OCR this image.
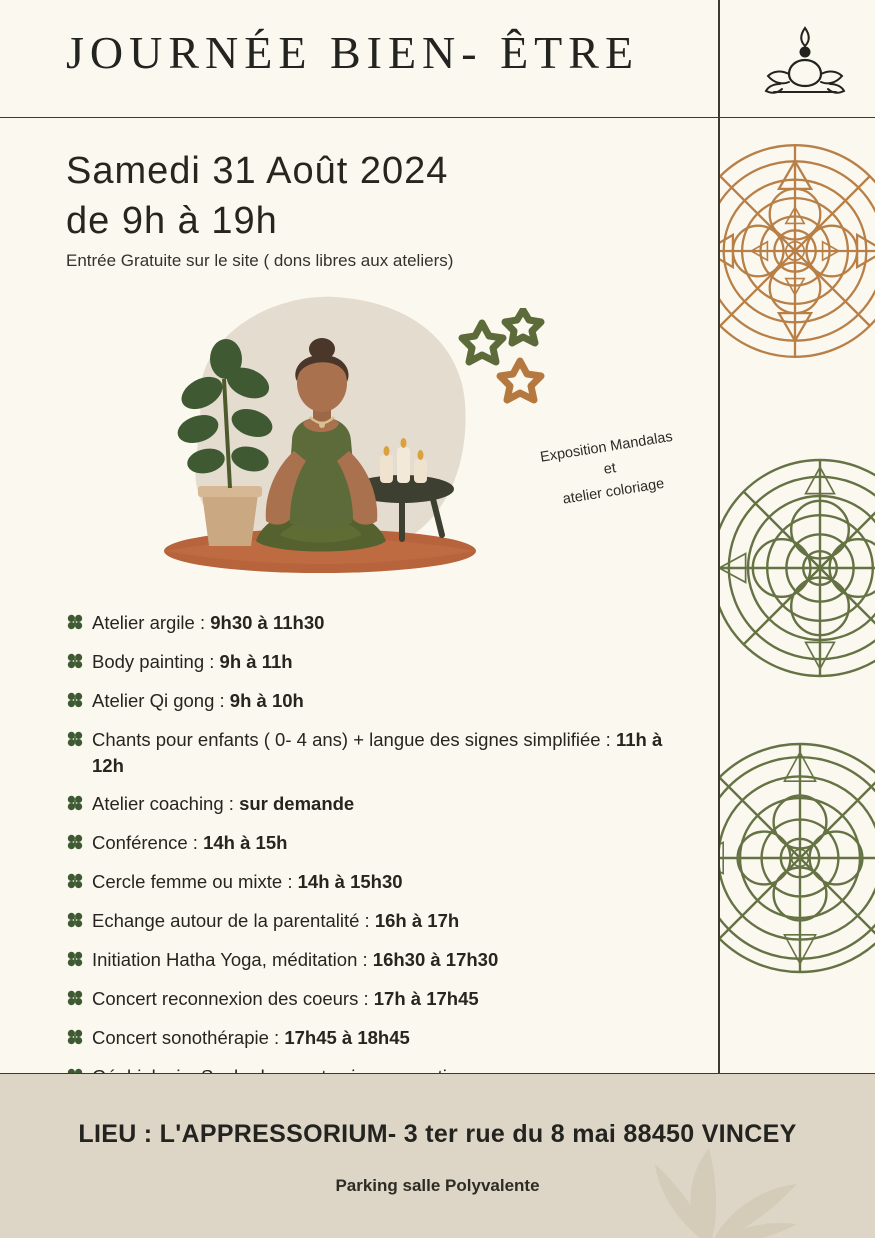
JOURNÉE BIEN- ÊTRE
Samedi 31 Août 2024
de 9h à 19h
Entrée Gratuite sur le site ( dons libres aux ateliers)
Exposition Mandalas
et
atelier coloriage
Atelier argile : 9h30 à 11h30
Body painting : 9h à 11h
Atelier Qi gong : 9h à 10h
Chants pour enfants ( 0- 4 ans) + langue des signes simplifiée : 11h à 12h
Atelier coaching : sur demande
Conférence : 14h à 15h
Cercle femme ou mixte : 14h à 15h30
Echange autour de la parentalité : 16h à 17h
Initiation Hatha Yoga, méditation : 16h30 à 17h30
Concert reconnexion des coeurs : 17h à 17h45
Concert sonothérapie : 17h45 à 18h45

LIEU : L'APPRESSORIUM- 3 ter rue du 8 mai 88450 VINCEY
Parking salle Polyvalente
